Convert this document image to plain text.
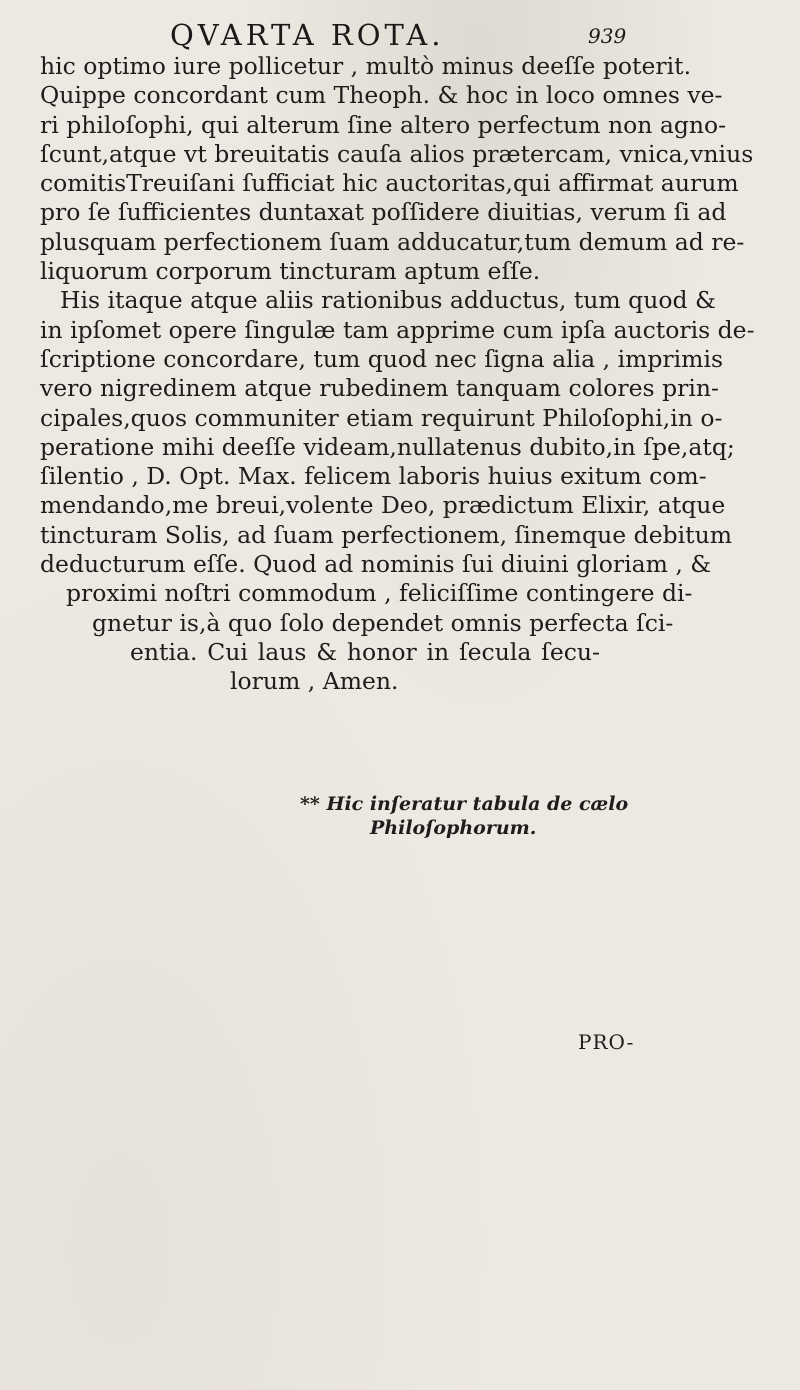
QVARTA ROTA.	939
hic optimo iure pollicetur , multò minus deeſſe poterit.
Quippe concordant cum Theoph. & hoc in loco omnes ve-
ri philoſophi, qui alterum ſine altero perfectum non agno-
ſcunt,atque vt breuitatis cauſa alios prætercam, vnica,vnius
comitisTreuiſani ſufficiat hic auctoritas,qui affirmat aurum
pro ſe ſufficientes duntaxat poſſidere diuitias, verum ſi ad
plusquam perfectionem ſuam adducatur,tum demum ad re-
liquorum corporum tincturam aptum eſſe.
His itaque atque aliis rationibus adductus, tum quod &
in ipſomet opere ſingulæ tam apprime cum ipſa auctoris de-
ſcriptione concordare, tum quod nec ſigna alia , imprimis
vero nigredinem atque rubedinem tanquam colores prin-
cipales,quos communiter etiam requirunt Philoſophi,in o-
peratione mihi deeſſe videam,nullatenus dubito,in ſpe,atq;
ſilentio , D. Opt. Max. felicem laboris huius exitum com-
mendando,me breui,volente Deo, prædictum Elixir, atque
tincturam Solis, ad ſuam perfectionem, ſinemque debitum
deducturum eſſe. Quod ad nominis ſui diuini gloriam , &
proximi noſtri commodum , feliciſſime contingere di-
gnetur is,à quo ſolo dependet omnis perfecta ſci-
entia. Cui laus & honor in ſecula ſecu-
lorum , Amen.
** Hic inſeratur tabula de cælo
Philoſophorum.
PRO-
